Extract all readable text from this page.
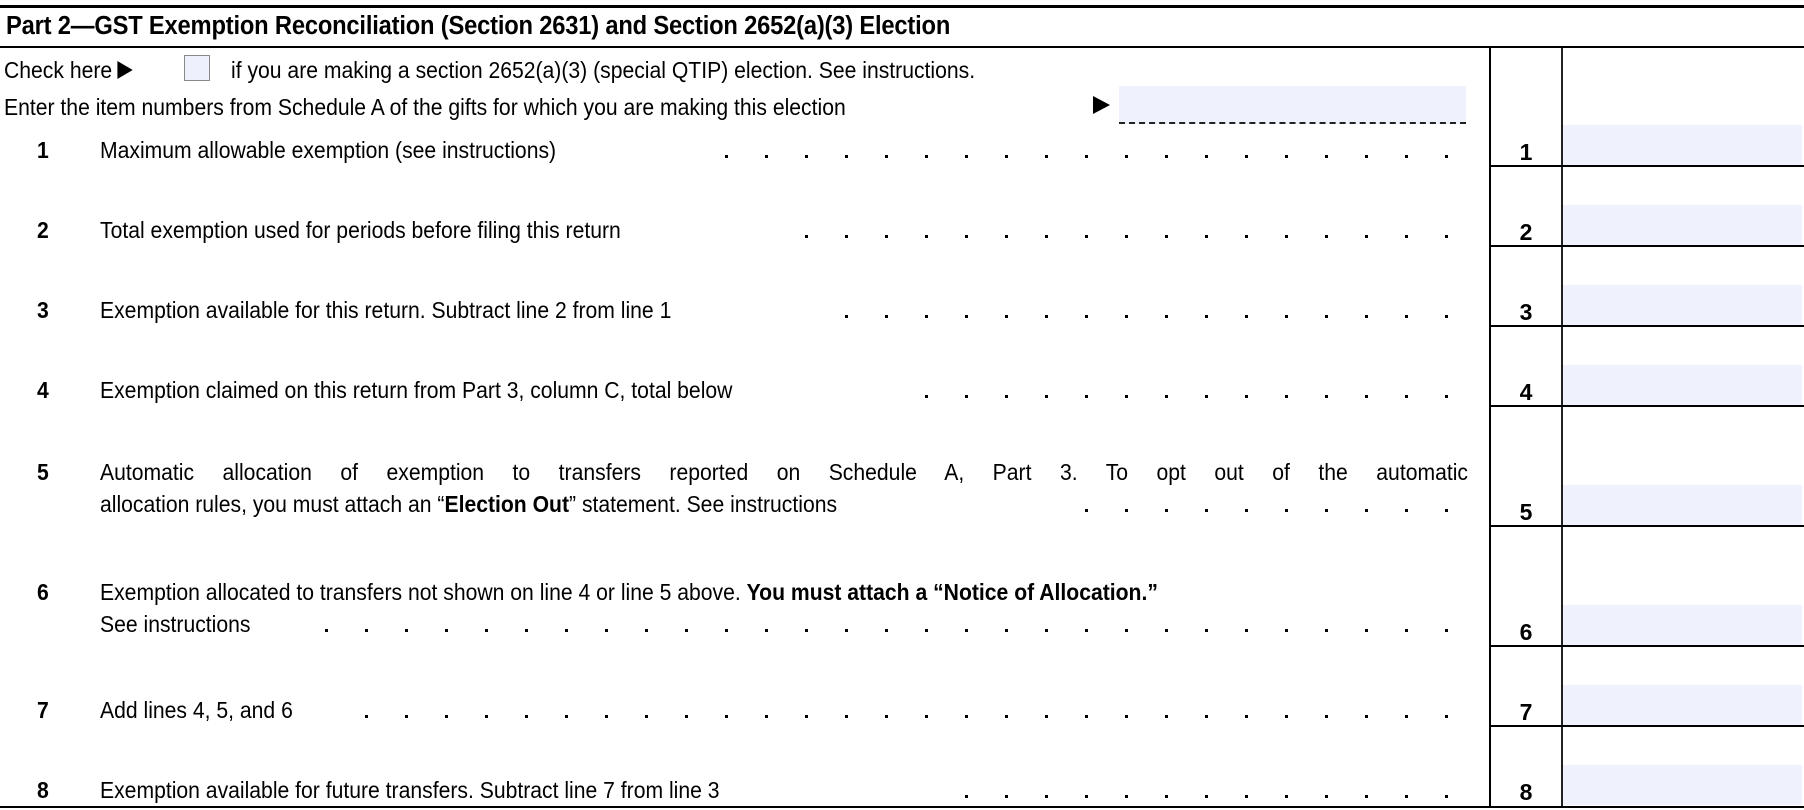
Part 2—GST Exemption Reconciliation (Section 2631) and Section 2652(a)(3) Election
Check here	if you are making a section 2652(a)(3) (special QTIP) election. See instructions.
Enter the item numbers from Schedule A of the gifts for which you are making this election
1 Maximum allowable exemption (see instructions)	1
2 Total exemption used for periods before filing this return	2
3 Exemption available for this return. Subtract line 2 from line 1	3
4 Exemption claimed on this return from Part 3, column C, total below	4
5 Automatic allocation of exemption to transfers reported on Schedule A, Part 3. To opt out of the automatic
allocation rules, you must attach an “Election Out” statement. See instructions	5
6 Exemption allocated to transfers not shown on line 4 or line 5 above. You must attach a “Notice of Allocation.”
See instructions	6
7 Add lines 4, 5, and 6	7
8 Exemption available for future transfers. Subtract line 7 from line 3	8
